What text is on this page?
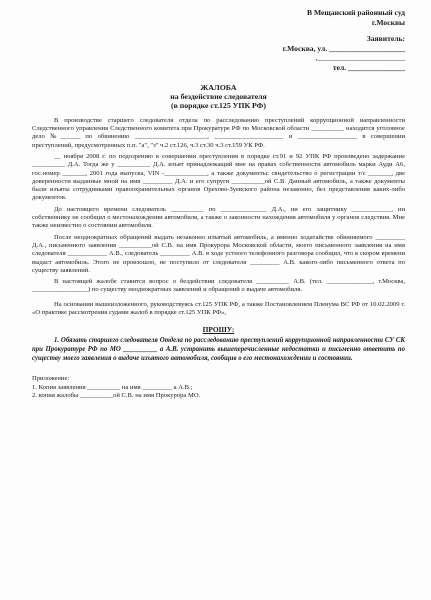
В Мещанский районный суд
г.Москвы
Заявитель:
г.Москва, ул. ____________________
,_______________________
тел. _______________
ЖАЛОБА
на бездействие следователя
(в порядке ст.125 УПК РФ)

В производстве старшего следователя отдела по расследованию преступлений коррупционной направленности Следственного управления Следственного комитета при Прокуратуре РФ по Московской области __________ находится уголовное дело №______ по обвинению ______________________, _____________________ и __________________ в совершении преступлений, предусмотренных п.п. "а", "з" ч.2 ст.126, ч.3 ст.30 ч.3 ст.159 УК РФ.

__ ноября 2008 г. по подозрению в совершении преступления в порядке ст.91 и 92 УПК РФ произведено задержание __________ Д.А. Тогда же у __________ Д.А. изъят принадлежащий мне на правах собственности автомобиль марки Ауди А6, гос.номер _______, 2001 года выпуска, VIN -_____________, а также документы: свидетельство о регистрации т/с _______, две доверенности выданные мной на имя _________ Д.А. и его супруги __________ой С.В. Данный автомобиль, а также документы были изъяты сотрудниками правоохранительных органов Орехово-Зуевского района незаконно, без представления каких-либо документов.

До настоящего времени следователь __________ по ______________ Д.А., ни его защитнику ____________, ни собственнику не сообщил о местонахождении автомобиля, а также о законности нахождения автомобиля у органов следствия. Мне также неизвестно о состоянии автомобиля.

После неоднократных обращений выдать незаконно изъятый автомобиль, а именно ходатайстве обвиняемого _________ Д.А., письменного заявления __________ой С.В. на имя Прокурора Московской области, моего письменного заявления на имя следователя ____________ А.В., следователь _________ А.В. в ходе устного телефонного разговора сообщил, что в скором времени выдаст автомобиль. Этого не произошло, не поступило от следователя _________ А.В. какого-либо письменного ответа по существу заявлений.

В настоящей жалобе ставится вопрос о бездействии следователя __________ А.В. (тел. ______________, г.Москва, _________________) по существу неоднократных заявлений и обращений о выдаче автомобиля.

На основании вышеизложенного, руководствуясь ст.125 УПК РФ, а также Постановлением Пленума ВС РФ от 10.02.2009 г. «О практике рассмотрения судами жалоб в порядке ст.125 УПК РФ»,

ПРОШУ:
1. Обязать старшего следователя Отдела по расследованию преступлений коррупционной направленности СУ СК при Прокуратуре РФ по МО __________ а А.В. устранить вышеперечисленные недостатки и письменно ответить по существу моего заявления о выдаче изъятого автомобиля, сообщив о его местонахождении и состоянии.
Приложение:
1. Копия заявления __________ на имя _________ а А.В.;
2. копия жалобы __________ой С.В. на имя Прокурора МО.
